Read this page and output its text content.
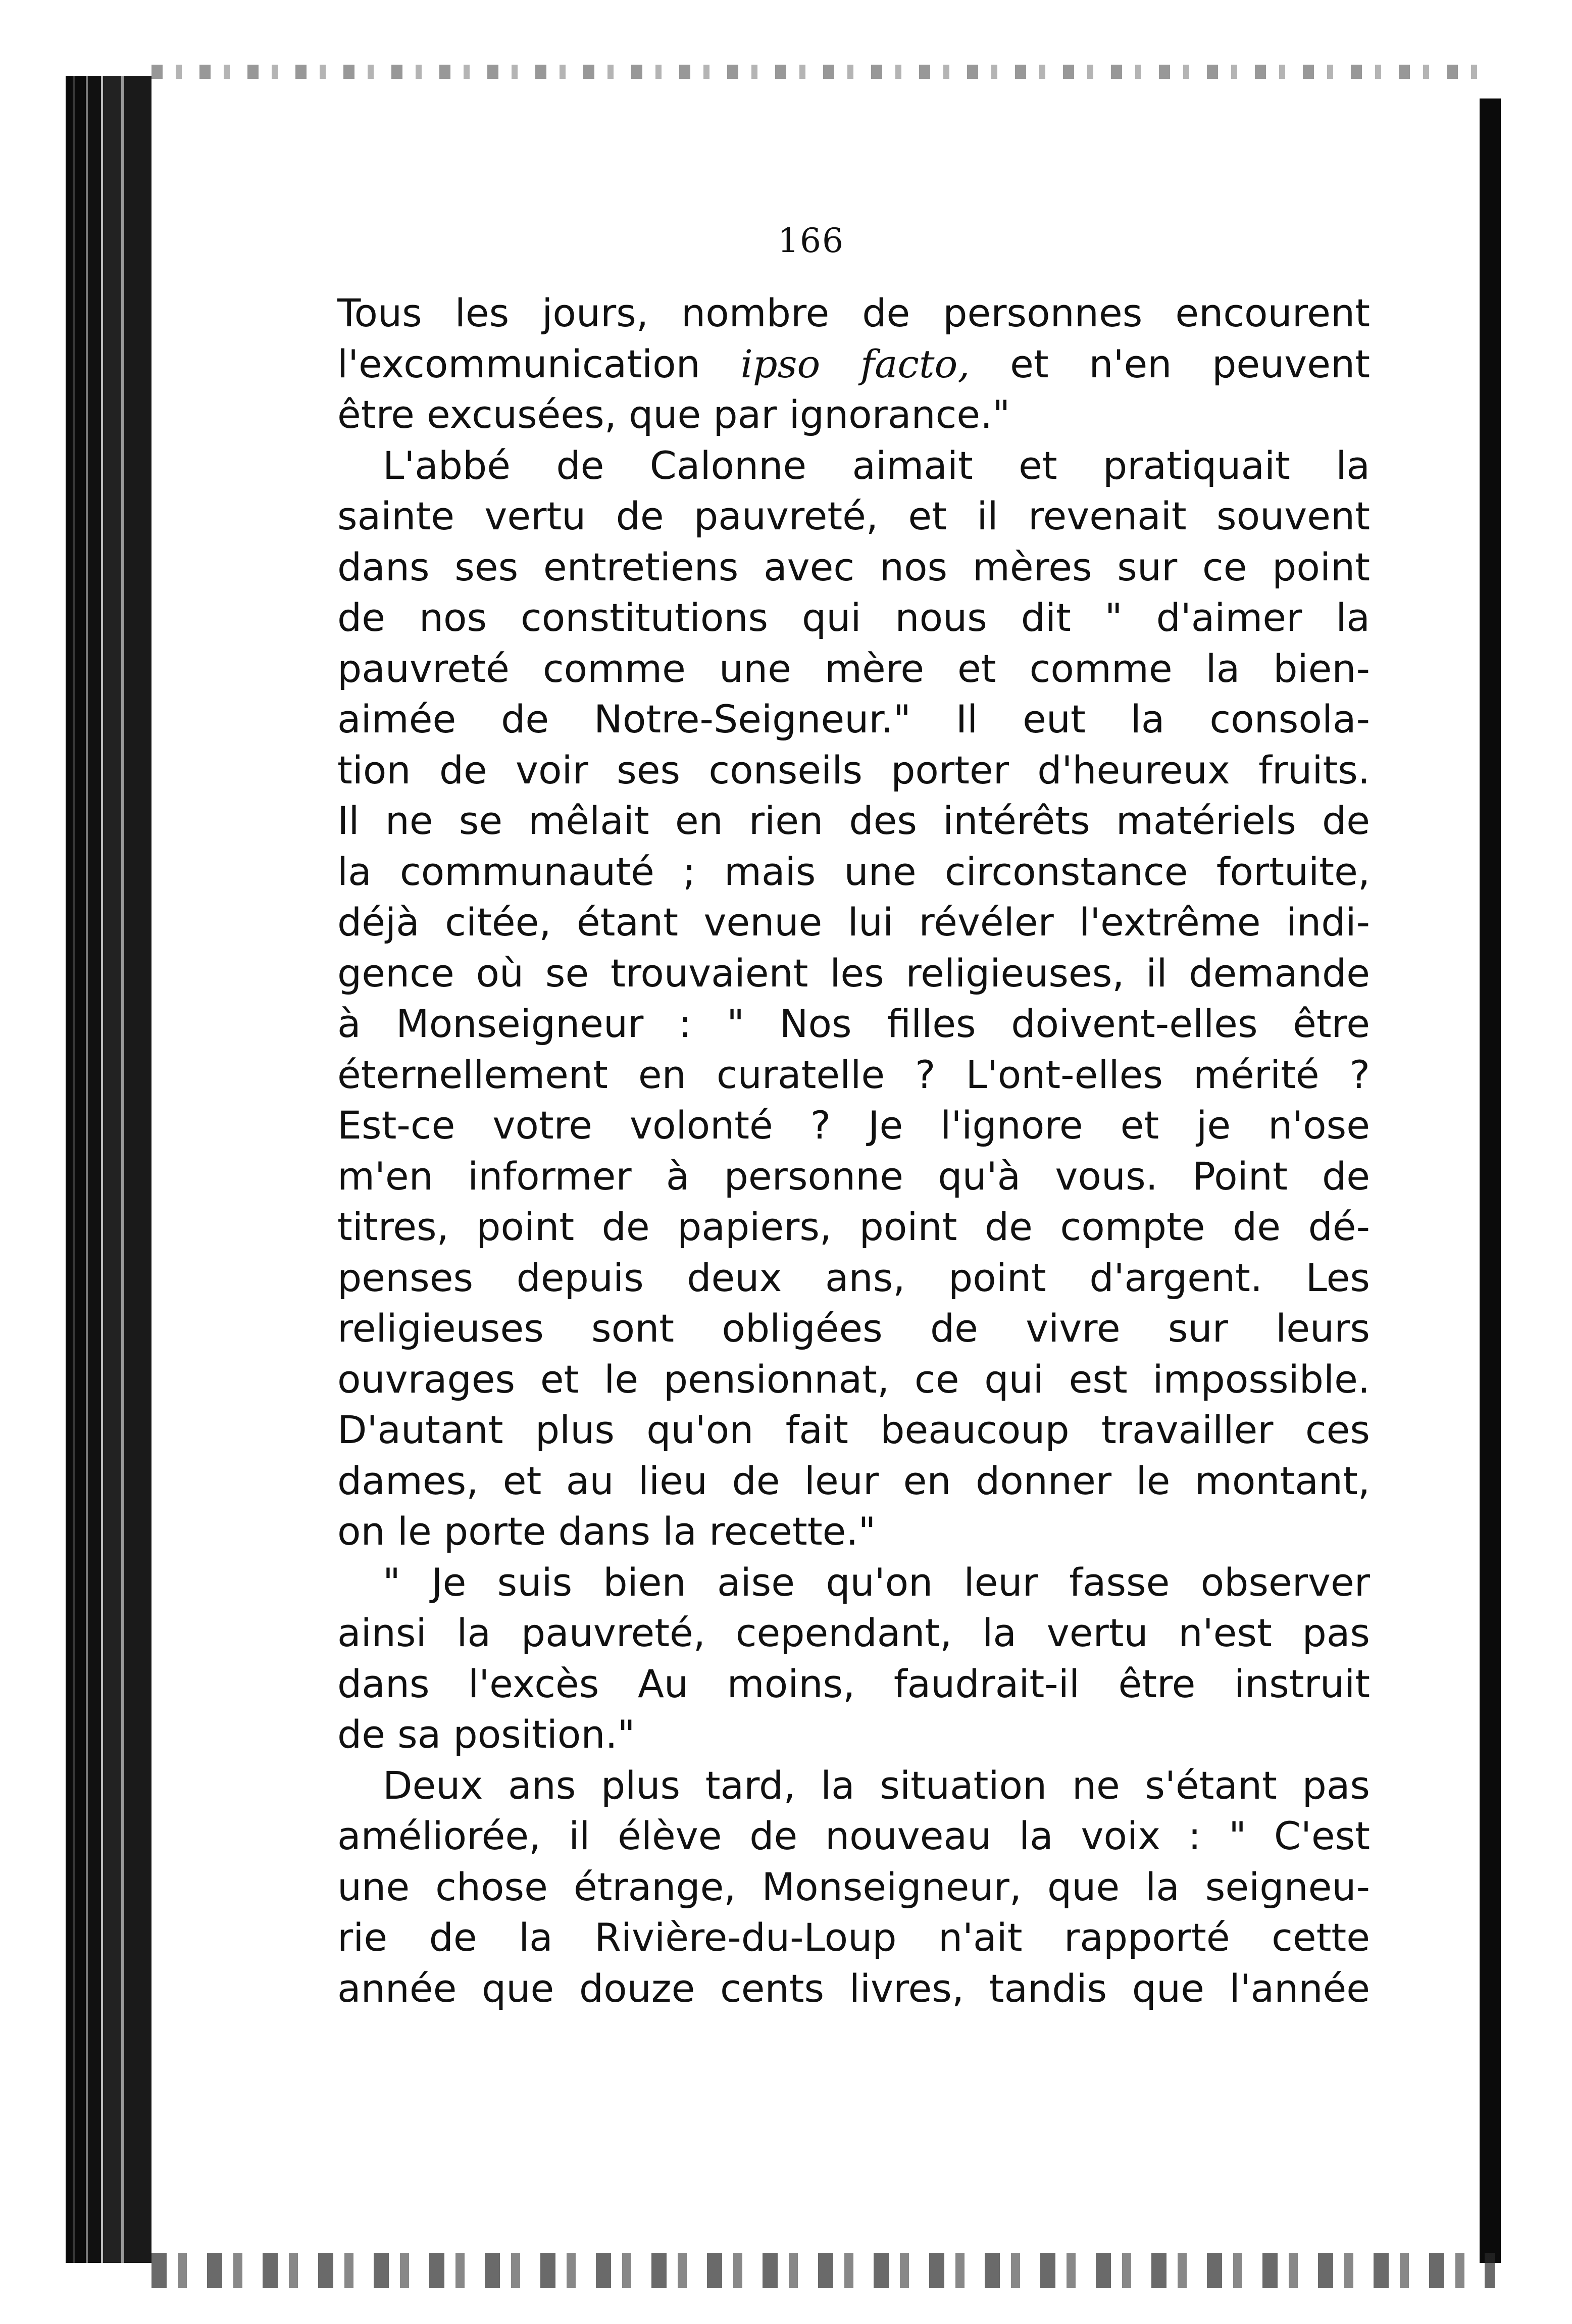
166
Tous les jours, nombre de personnes encourent
l'excommunication ipso facto, et n'en peuvent
être excusées, que par ignorance."
L'abbé de Calonne aimait et pratiquait la
sainte vertu de pauvreté, et il revenait souvent
dans ses entretiens avec nos mères sur ce point
de nos constitutions qui nous dit " d'aimer la
pauvreté comme une mère et comme la bien-
aimée de Notre-Seigneur." Il eut la consola-
tion de voir ses conseils porter d'heureux fruits.
Il ne se mêlait en rien des intérêts matériels de
la communauté ; mais une circonstance fortuite,
déjà citée, étant venue lui révéler l'extrême indi-
gence où se trouvaient les religieuses, il demande
à Monseigneur : " Nos filles doivent-elles être
éternellement en curatelle ? L'ont-elles mérité ?
Est-ce votre volonté ? Je l'ignore et je n'ose
m'en informer à personne qu'à vous. Point de
titres, point de papiers, point de compte de dé-
penses depuis deux ans, point d'argent. Les
religieuses sont obligées de vivre sur leurs
ouvrages et le pensionnat, ce qui est impossible.
D'autant plus qu'on fait beaucoup travailler ces
dames, et au lieu de leur en donner le montant,
on le porte dans la recette."
" Je suis bien aise qu'on leur fasse observer
ainsi la pauvreté, cependant, la vertu n'est pas
dans l'excès Au moins, faudrait-il être instruit
de sa position."
Deux ans plus tard, la situation ne s'étant pas
améliorée, il élève de nouveau la voix : " C'est
une chose étrange, Monseigneur, que la seigneu-
rie de la Rivière-du-Loup n'ait rapporté cette
année que douze cents livres, tandis que l'année
